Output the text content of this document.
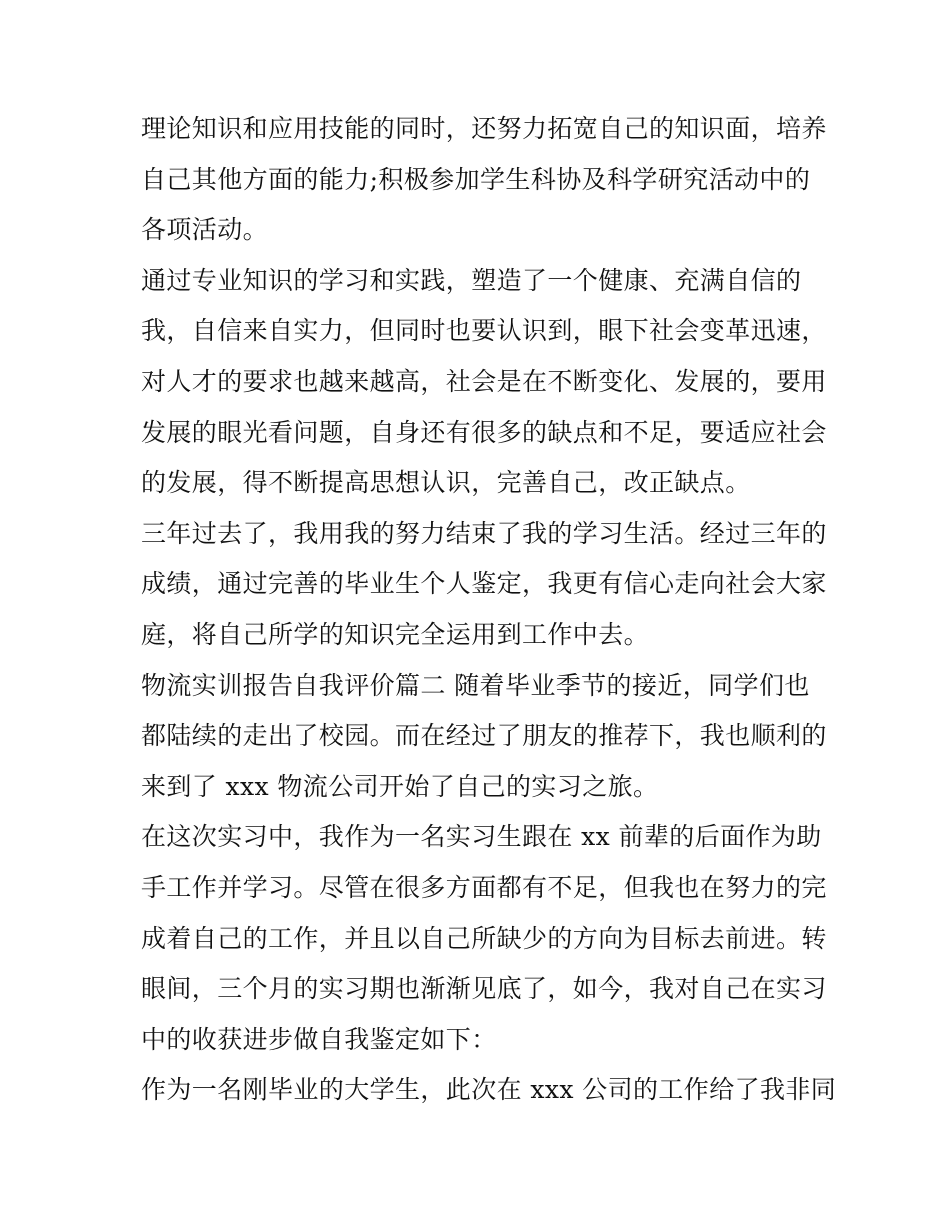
理论知识和应用技能的同时，还努力拓宽自己的知识面，培养
自己其他方面的能力;积极参加学生科协及科学研究活动中的
各项活动。
通过专业知识的学习和实践，塑造了一个健康、充满自信的
我，自信来自实力，但同时也要认识到，眼下社会变革迅速，
对人才的要求也越来越高，社会是在不断变化、发展的，要用
发展的眼光看问题，自身还有很多的缺点和不足，要适应社会
的发展，得不断提高思想认识，完善自己，改正缺点。
三年过去了，我用我的努力结束了我的学习生活。经过三年的
成绩，通过完善的毕业生个人鉴定，我更有信心走向社会大家
庭，将自己所学的知识完全运用到工作中去。
物流实训报告自我评价篇二 随着毕业季节的接近，同学们也
都陆续的走出了校园。而在经过了朋友的推荐下，我也顺利的
来到了 xxx 物流公司开始了自己的实习之旅。
在这次实习中，我作为一名实习生跟在 xx 前辈的后面作为助
手工作并学习。尽管在很多方面都有不足，但我也在努力的完
成着自己的工作，并且以自己所缺少的方向为目标去前进。转
眼间，三个月的实习期也渐渐见底了，如今，我对自己在实习
中的收获进步做自我鉴定如下：
作为一名刚毕业的大学生，此次在 xxx 公司的工作给了我非同
